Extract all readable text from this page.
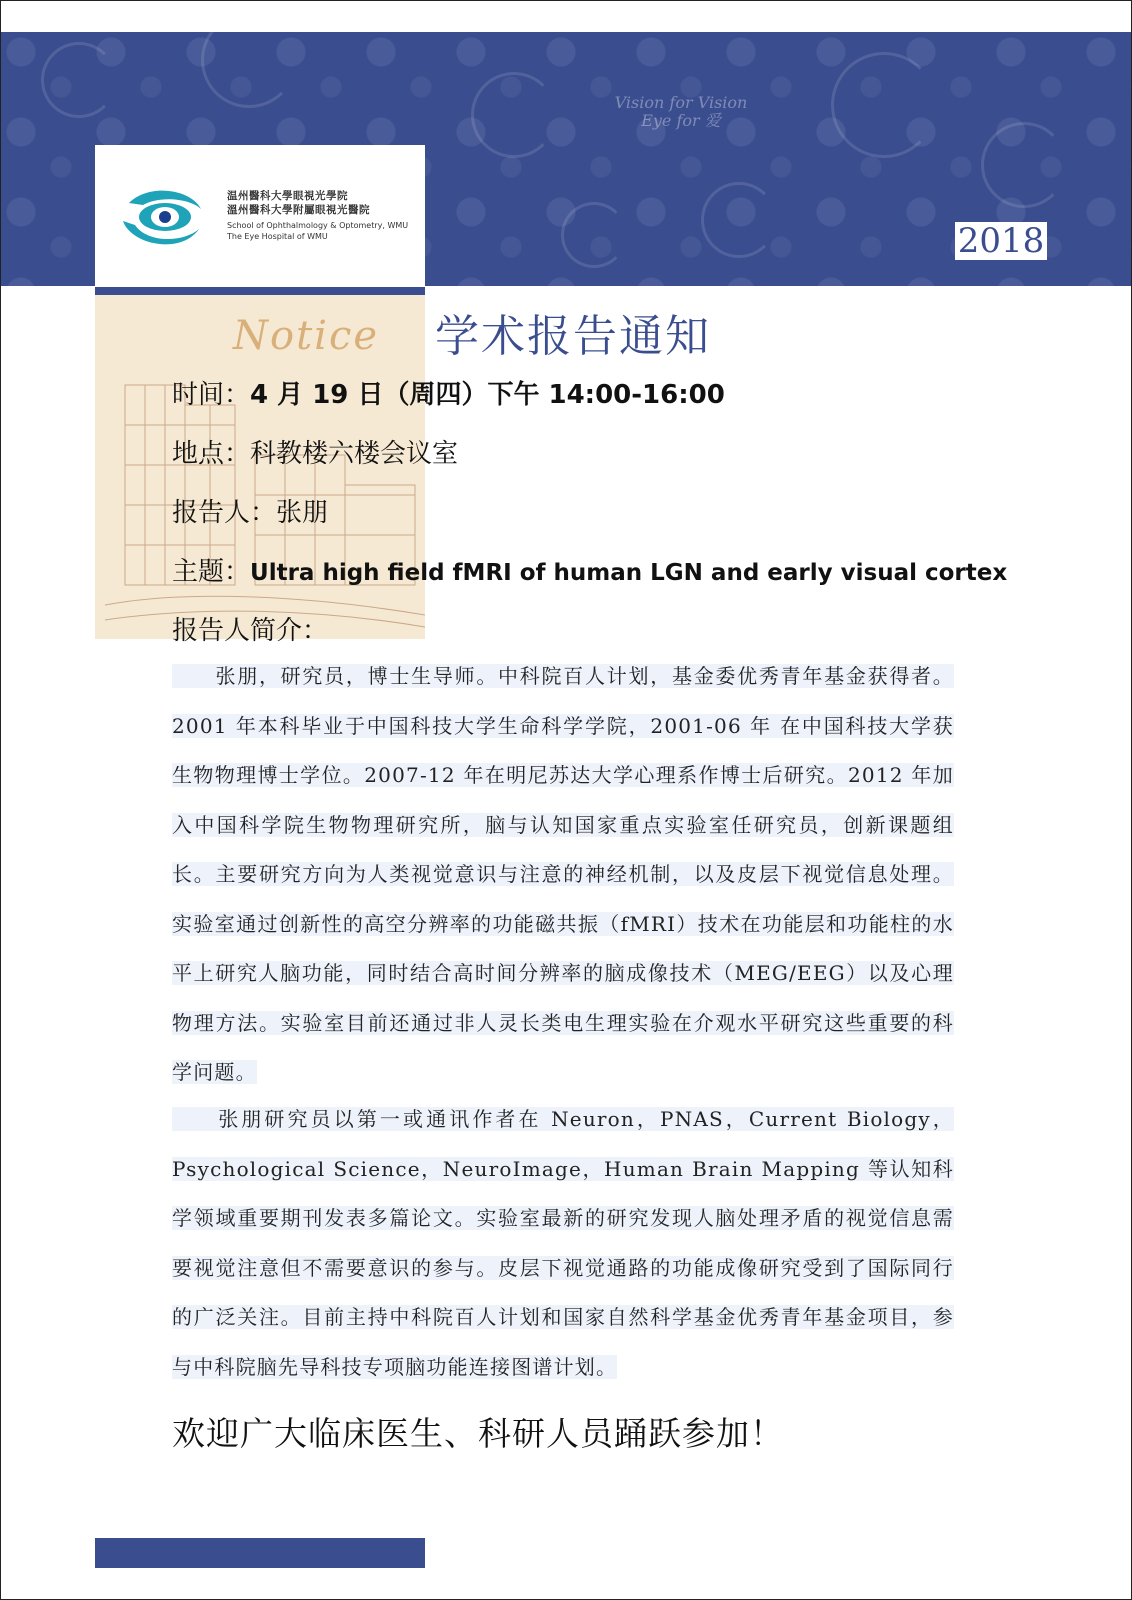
Vision for Vision
Eye for 爱
2018
温州醫科大學眼視光學院
溫州醫科大學附屬眼視光醫院
School of Ophthalmology & Optometry, WMU
The Eye Hospital of WMU
Notice 学术报告通知
时间：4 月 19 日（周四）下午 14:00-16:00
地点：科教楼六楼会议室
报告人：张朋
主题：Ultra high field fMRI of human LGN and early visual cortex
报告人简介：
　　张朋，研究员，博士生导师。中科院百人计划，基金委优秀青年基金获得者。2001 年本科毕业于中国科技大学生命科学学院，2001-06 年 在中国科技大学获生物物理博士学位。2007-12 年在明尼苏达大学心理系作博士后研究。2012 年加入中国科学院生物物理研究所，脑与认知国家重点实验室任研究员，创新课题组长。主要研究方向为人类视觉意识与注意的神经机制，以及皮层下视觉信息处理。实验室通过创新性的高空分辨率的功能磁共振（fMRI）技术在功能层和功能柱的水平上研究人脑功能，同时结合高时间分辨率的脑成像技术（MEG/EEG）以及心理物理方法。实验室目前还通过非人灵长类电生理实验在介观水平研究这些重要的科学问题。
　　张朋研究员以第一或通讯作者在 Neuron，PNAS，Current Biology，Psychological Science，NeuroImage，Human Brain Mapping 等认知科学领域重要期刊发表多篇论文。实验室最新的研究发现人脑处理矛盾的视觉信息需要视觉注意但不需要意识的参与。皮层下视觉通路的功能成像研究受到了国际同行的广泛关注。目前主持中科院百人计划和国家自然科学基金优秀青年基金项目，参与中科院脑先导科技专项脑功能连接图谱计划。
欢迎广大临床医生、科研人员踊跃参加！
